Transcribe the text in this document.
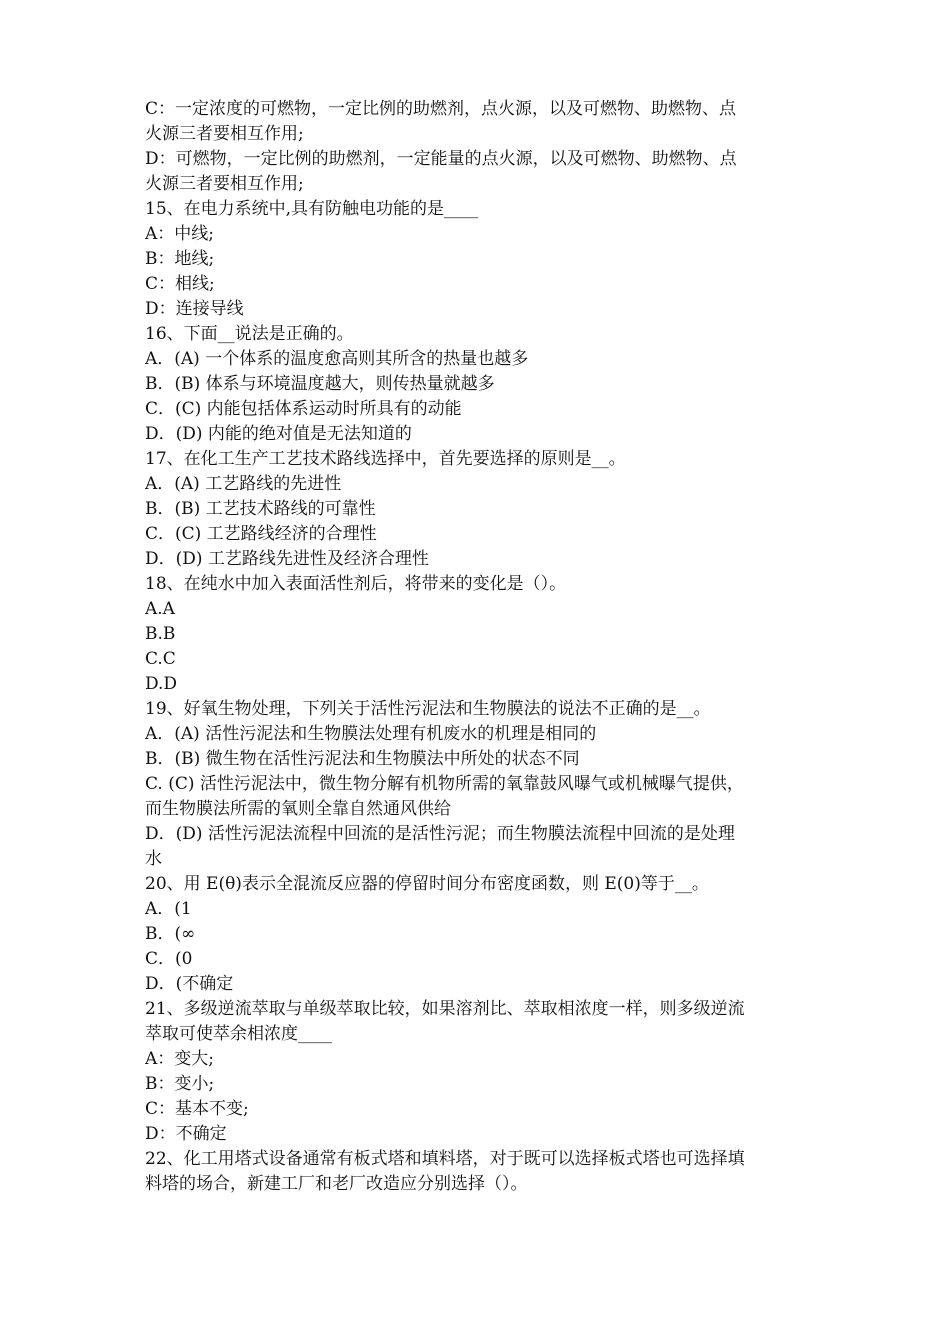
C：一定浓度的可燃物，一定比例的助燃剂，点火源，以及可燃物、助燃物、点
火源三者要相互作用;
D：可燃物，一定比例的助燃剂，一定能量的点火源，以及可燃物、助燃物、点
火源三者要相互作用;
15、在电力系统中,具有防触电功能的是____
A：中线;
B：地线;
C：相线;
D：连接导线
16、下面__说法是正确的。
A．(A) 一个体系的温度愈高则其所含的热量也越多
B．(B) 体系与环境温度越大，则传热量就越多
C．(C) 内能包括体系运动时所具有的动能
D．(D) 内能的绝对值是无法知道的
17、在化工生产工艺技术路线选择中，首先要选择的原则是__。
A．(A) 工艺路线的先进性
B．(B) 工艺技术路线的可靠性
C．(C) 工艺路线经济的合理性
D．(D) 工艺路线先进性及经济合理性
18、在纯水中加入表面活性剂后，将带来的变化是（）。
A.A
B.B
C.C
D.D
19、好氧生物处理，下列关于活性污泥法和生物膜法的说法不正确的是__。
A．(A) 活性污泥法和生物膜法处理有机废水的机理是相同的
B．(B) 微生物在活性污泥法和生物膜法中所处的状态不同
C. (C) 活性污泥法中，微生物分解有机物所需的氧靠鼓风曝气或机械曝气提供，
而生物膜法所需的氧则全靠自然通风供给
D．(D) 活性污泥法流程中回流的是活性污泥；而生物膜法流程中回流的是处理
水
20、用 E(θ)表示全混流反应器的停留时间分布密度函数，则 E(0)等于__。
A．(1
B．(∞
C．(0
D．(不确定
21、多级逆流萃取与单级萃取比较，如果溶剂比、萃取相浓度一样，则多级逆流
萃取可使萃余相浓度____
A：变大;
B：变小;
C：基本不变;
D：不确定
22、化工用塔式设备通常有板式塔和填料塔，对于既可以选择板式塔也可选择填
料塔的场合，新建工厂和老厂改造应分别选择（）。
